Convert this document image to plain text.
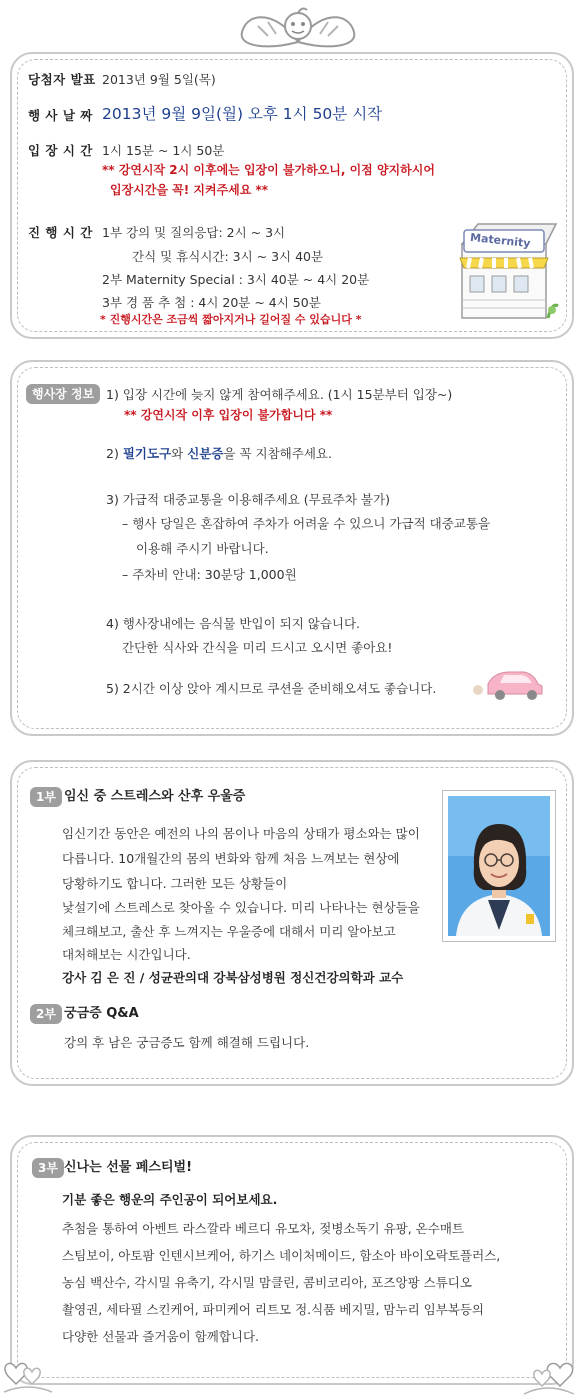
당첨자 발표 2013년 9월 5일(목)
행 사 날 짜 2013년 9월 9일(월) 오후 1시 50분 시작
입 장 시 간 1시 15분 ~ 1시 50분
** 강연시작 2시 이후에는 입장이 불가하오니, 이점 양지하시어
입장시간을 꼭! 지켜주세요 **
진 행 시 간 1부 강의 및 질의응답: 2시 ~ 3시
간식 및 휴식시간: 3시 ~ 3시 40분
2부 Maternity Special : 3시 40분 ~ 4시 20분
3부 경 품 추 첨 : 4시 20분 ~ 4시 50분
* 진행시간은 조금씩 짧아지거나 길어질 수 있습니다 *
Maternity
행사장 정보 1) 입장 시간에 늦지 않게 참여해주세요. (1시 15분부터 입장~)
** 강연시작 이후 입장이 불가합니다 **
2) 필기도구와 신분증을 꼭 지참해주세요.
3) 가급적 대중교통을 이용해주세요 (무료주차 불가)
– 행사 당일은 혼잡하여 주차가 어려울 수 있으니 가급적 대중교통을
이용해 주시기 바랍니다.
– 주차비 안내: 30분당 1,000원
4) 행사장내에는 음식물 반입이 되지 않습니다.
간단한 식사와 간식을 미리 드시고 오시면 좋아요!
5) 2시간 이상 앉아 계시므로 쿠션을 준비해오셔도 좋습니다.
1부 임신 중 스트레스와 산후 우울증
임신기간 동안은 예전의 나의 몸이나 마음의 상태가 평소와는 많이
다릅니다. 10개월간의 몸의 변화와 함께 처음 느껴보는 현상에
당황하기도 합니다. 그러한 모든 상황들이
낯설기에 스트레스로 찾아올 수 있습니다. 미리 나타나는 현상들을
체크해보고, 출산 후 느껴지는 우울증에 대해서 미리 알아보고
대처해보는 시간입니다.
강사 김 은 진 / 성균관의대 강북삼성병원 정신건강의학과 교수
2부 궁금증 Q&A
강의 후 남은 궁금증도 함께 해결해 드립니다.
3부 신나는 선물 페스티벌!
기분 좋은 행운의 주인공이 되어보세요.
추첨을 통하여 아벤트 라스깔라 베르디 유모차, 젖병소독기 유팡, 온수매트
스팀보이, 아토팜 인텐시브케어, 하기스 네이처메이드, 함소아 바이오락토플러스,
농심 백산수, 각시밀 유축기, 각시밀 맘클린, 콤비코리아, 포즈앙팡 스튜디오
촬영권, 세타필 스킨케어, 파미케어 리트모 정.식품 베지밀, 맘누리 임부복등의
다양한 선물과 즐거움이 함께합니다.
